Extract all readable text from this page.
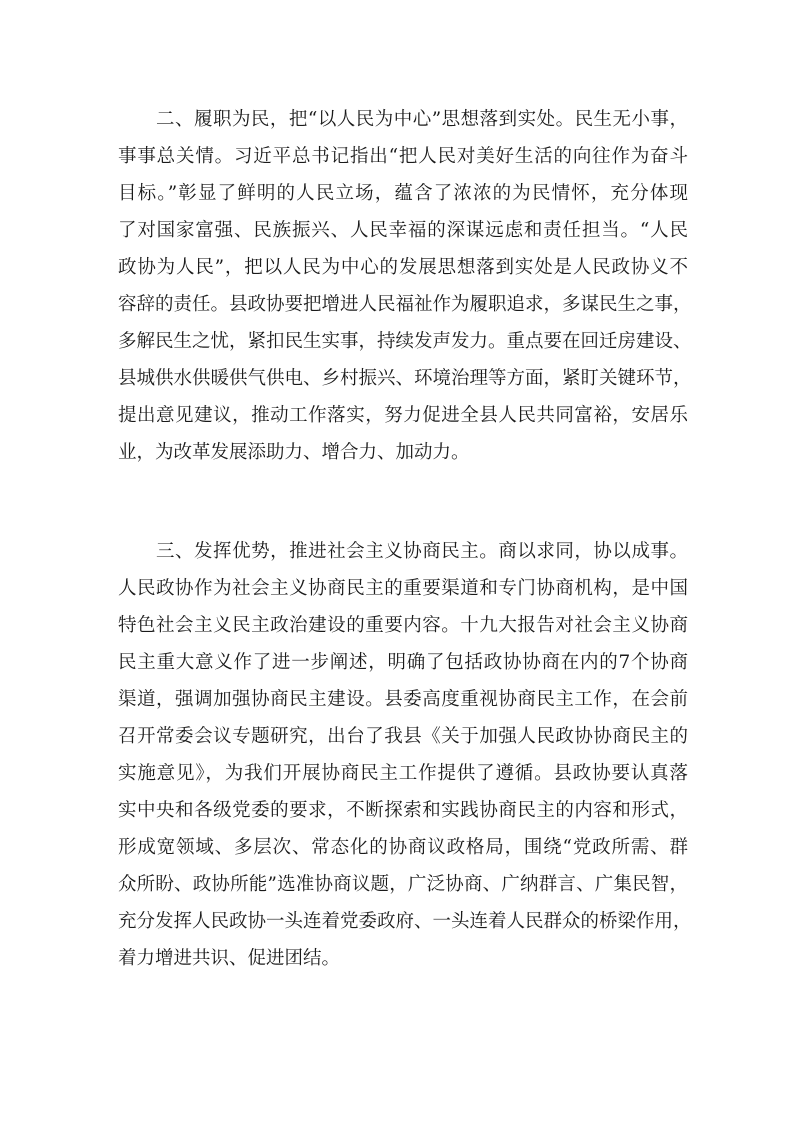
二、履职为民，把“以人民为中心”思想落到实处。民生无小事，
事事总关情。习近平总书记指出“把人民对美好生活的向往作为奋斗
目标。”彰显了鲜明的人民立场，蕴含了浓浓的为民情怀，充分体现
了对国家富强、民族振兴、人民幸福的深谋远虑和责任担当。“人民
政协为人民”，把以人民为中心的发展思想落到实处是人民政协义不
容辞的责任。县政协要把增进人民福祉作为履职追求，多谋民生之事，
多解民生之忧，紧扣民生实事，持续发声发力。重点要在回迁房建设、
县城供水供暖供气供电、乡村振兴、环境治理等方面，紧盯关键环节，
提出意见建议，推动工作落实，努力促进全县人民共同富裕，安居乐
业，为改革发展添助力、增合力、加动力。
三、发挥优势，推进社会主义协商民主。商以求同，协以成事。
人民政协作为社会主义协商民主的重要渠道和专门协商机构，是中国
特色社会主义民主政治建设的重要内容。十九大报告对社会主义协商
民主重大意义作了进一步阐述，明确了包括政协协商在内的7个协商
渠道，强调加强协商民主建设。县委高度重视协商民主工作，在会前
召开常委会议专题研究，出台了我县《关于加强人民政协协商民主的
实施意见》，为我们开展协商民主工作提供了遵循。县政协要认真落
实中央和各级党委的要求，不断探索和实践协商民主的内容和形式，
形成宽领域、多层次、常态化的协商议政格局，围绕“党政所需、群
众所盼、政协所能”选准协商议题，广泛协商、广纳群言、广集民智，
充分发挥人民政协一头连着党委政府、一头连着人民群众的桥梁作用，
着力增进共识、促进团结。
